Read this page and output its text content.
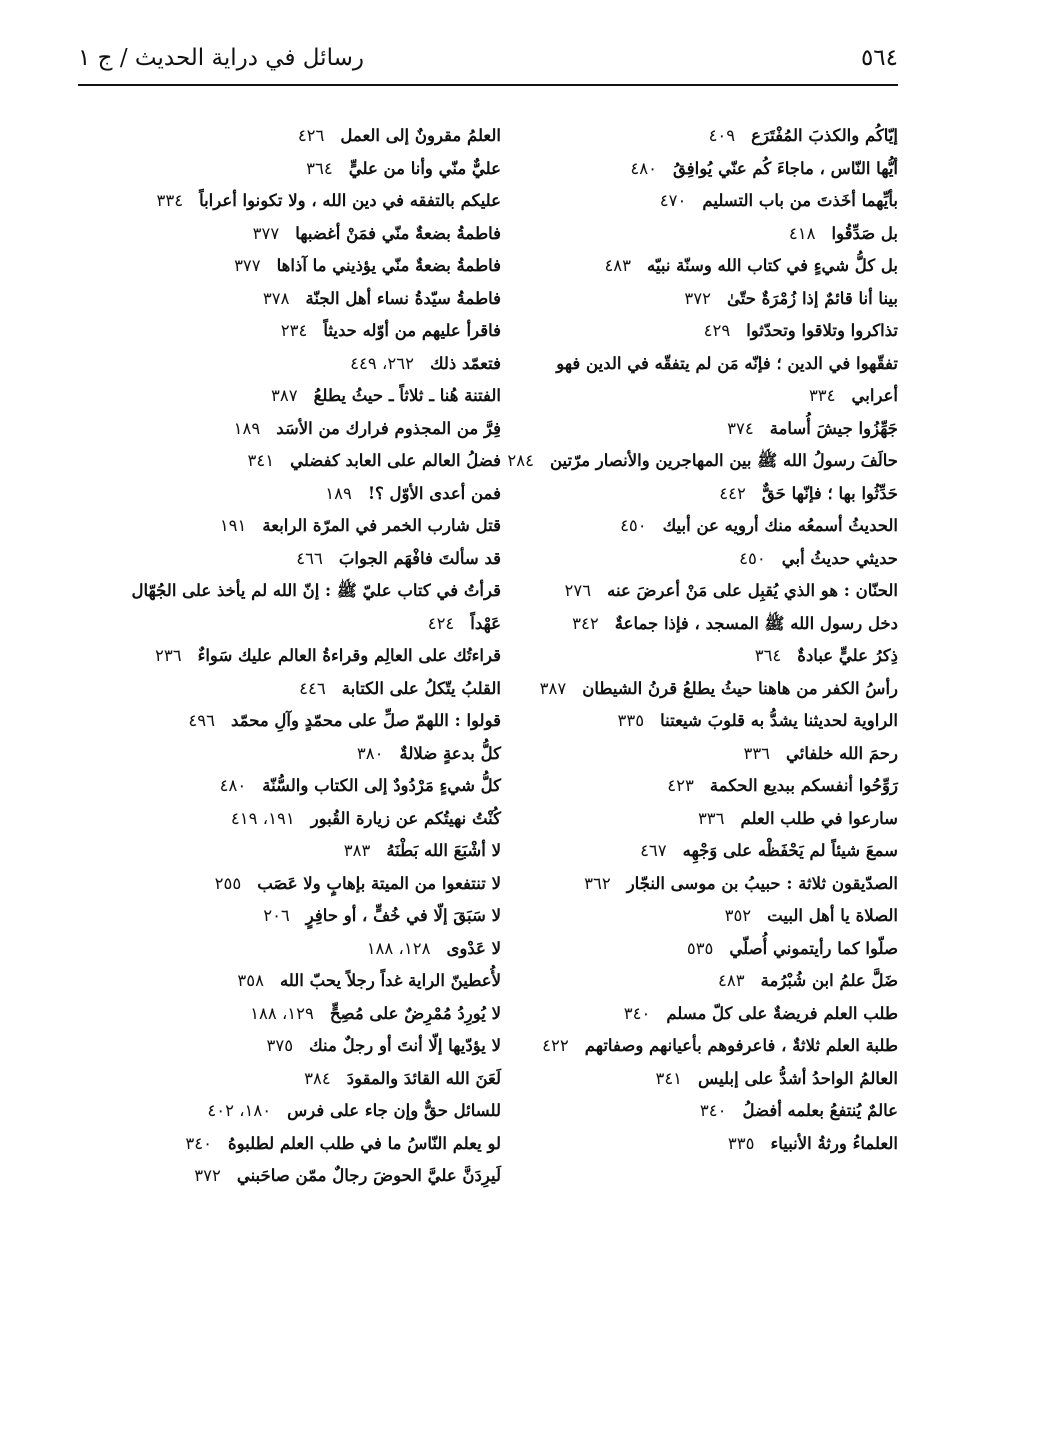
رسائل في دراية الحديث / ج ١	٥٦٤
إيّاكُم والكذبَ المُفْتَرَع٤٠٩
أيُّها النّاس ، ماجاءَ كُم عنّي يُوافِقُ٤٨٠
بأيِّهما أخَذتَ من باب التسليم٤٧٠
بل صَدِّقُوا٤١٨
بل كلُّ شيءٍ في كتاب الله وسنّة نبيّه٤٨٣
بينا أنا قائمٌ إذا زُمْرَةٌ حتّىٰ٣٧٢
تذاكروا وتلاقوا وتحدّثوا٤٢٩
تفقّهوا في الدين ؛ فإنّه مَن لم يتفقّه في الدين فهو أعرابي٣٣٤
جَهِّزُوا جيشَ أُسامة٣٧٤
حالَفَ رسولُ الله ﷺ بين المهاجرين والأنصار مرّتين٢٨٤
حَدِّثُوا بها ؛ فإنّها حَقٌّ٤٤٢
الحديثُ أسمعُه منك أرويه عن أبيك٤٥٠
حديثي حديثُ أبي٤٥٠
الحنّان : هو الذي يُقبِل على مَنْ أعرضَ عنه٢٧٦
دخل رسول الله ﷺ المسجد ، فإذا جماعةٌ٣٤٢
ذِكرُ عليٍّ عبادةٌ٣٦٤
رأسُ الكفر من هاهنا حيثُ يطلعُ قرنُ الشيطان٣٨٧
الراوية لحديثنا يشدُّ به قلوبَ شيعتنا٣٣٥
رحمَ الله خلفائي٣٣٦
رَوِّحُوا أنفسكم ببديع الحكمة٤٢٣
سارعوا في طلب العلم٣٣٦
سمعَ شيئاً لم يَحْفَظْه على وَجْهِه٤٦٧
الصدّيقون ثلاثة : حبيبُ بن موسى النجّار٣٦٢
الصلاة يا أهل البيت٣٥٢
صلّوا كما رأيتموني أُصلّي٥٣٥
ضَلَّ علمُ ابن شُبْرُمة٤٨٣
طلب العلم فريضةٌ على كلّ مسلم٣٤٠
طلبة العلم ثلاثةٌ ، فاعرفوهم بأعيانهم وصفاتهم٤٢٢
العالمُ الواحدُ أشدُّ على إبليس٣٤١
عالمٌ يُنتفعُ بعلمه أفضلُ٣٤٠
العلماءُ ورثةُ الأنبياء٣٣٥
العلمُ مقرونٌ إلى العمل٤٢٦
عليٌّ منّي وأنا من عليٍّ٣٦٤
عليكم بالتفقه في دين الله ، ولا تكونوا أعراباً٣٣٤
فاطمةُ بضعةٌ منّي فمَنْ أغضبها٣٧٧
فاطمةُ بضعةٌ منّي يؤذيني ما آذاها٣٧٧
فاطمةُ سيّدةُ نساء أهل الجنّة٣٧٨
فاقرأ عليهم من أوّله حديثاً٢٣٤
فتعمّد ذلك٢٦٢، ٤٤٩
الفتنة هُنا ـ ثلاثاً ـ حيثُ يطلعُ٣٨٧
فِرَّ من المجذوم فرارك من الأسَد١٨٩
فضلُ العالم على العابد كفضلي٣٤١
فمن أعدى الأوّل ؟!١٨٩
قتل شارب الخمر في المرّة الرابعة١٩١
قد سألتَ فافْهَم الجوابَ٤٦٦
قرأتُ في كتاب عليّ ﷺ : إنّ الله لم يأخذ على الجُهّال عَهْداً٤٢٤
قراءتُك على العالِم وقراءةُ العالم عليك سَواءٌ٢٣٦
القلبُ يتّكلُ على الكتابة٤٤٦
قولوا : اللهمّ صلِّ على محمّدٍ وآلِ محمّد٤٩٦
كلُّ بدعةٍ ضلالةٌ٣٨٠
كلُّ شيءٍ مَرْدُودٌ إلى الكتاب والسُّنّة٤٨٠
كُنْتُ نهيتُكم عن زيارة القُبور١٩١، ٤١٩
لا أشْبَعَ الله بَطْنَهُ٣٨٣
لا تنتفعوا من الميتة بإهابٍ ولا عَصَب٢٥٥
لا سَبَقَ إلّا في خُفٍّ ، أو حافِرٍ٢٠٦
لا عَدْوى١٢٨، ١٨٨
لأُعطينّ الراية غداً رجلاً يحبّ الله٣٥٨
لا يُورِدُ مُمْرِضٌ على مُصِحٍّ١٢٩، ١٨٨
لا يؤدّيها إلّا أنتَ أو رجلٌ منك٣٧٥
لَعَنَ الله القائدَ والمقودَ٣٨٤
للسائل حقٌّ وإن جاء على فرس١٨٠، ٤٠٢
لو يعلم النّاسُ ما في طلب العلم لطلبوهُ٣٤٠
لَيرِدَنَّ عليَّ الحوضَ رجالٌ ممّن صاحَبني٣٧٢
